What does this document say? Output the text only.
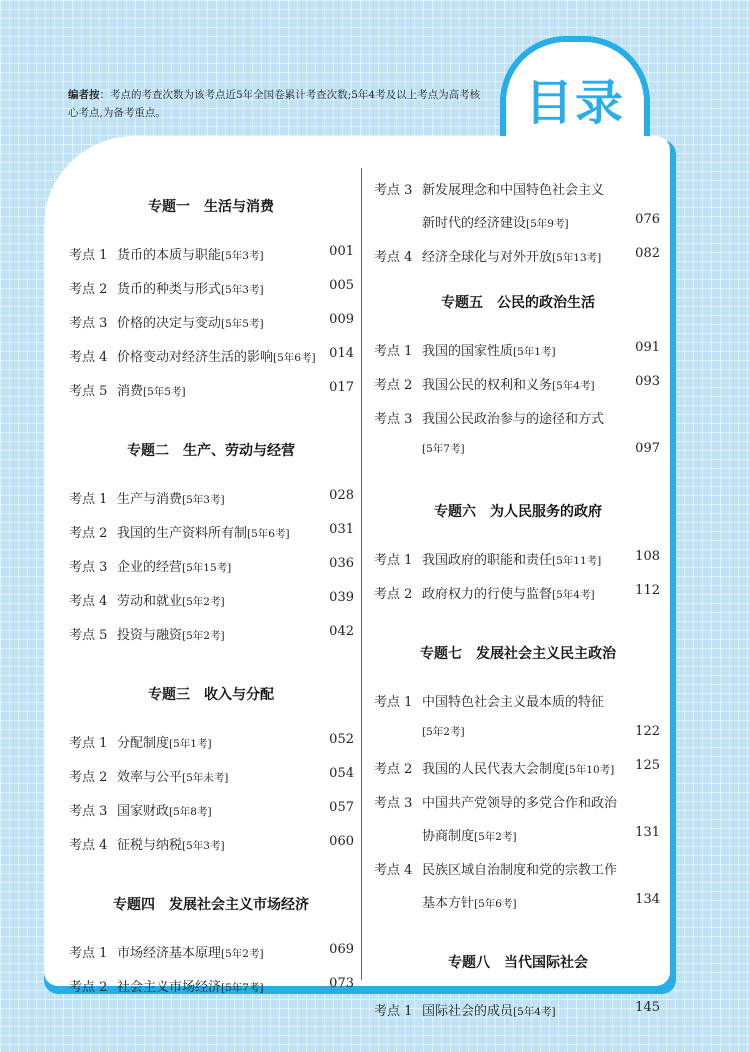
编者按：考点的考查次数为该考点近5年全国卷累计考查次数;5年4考及以上考点为高考核心考点,为备考重点。	目录
专题一　生活与消费
考点 1 货币的本质与职能[5年3考]	001
考点 2 货币的种类与形式[5年3考]	005
考点 3 价格的决定与变动[5年5考]	009
考点 4 价格变动对经济生活的影响[5年6考] 014
考点 5 消费[5年5考]	017
专题二　生产、劳动与经营
考点 1 生产与消费[5年3考]	028
考点 2 我国的生产资料所有制[5年6考]	031
考点 3 企业的经营[5年15考]	036
考点 4 劳动和就业[5年2考]	039
考点 5 投资与融资[5年2考]	042
专题三　收入与分配
考点 1 分配制度[5年1考]	052
考点 2 效率与公平[5年未考]	054
考点 3 国家财政[5年8考]	057
考点 4 征税与纳税[5年3考]	060
专题四　发展社会主义市场经济
考点 1 市场经济基本原理[5年2考]	069
考点 2 社会主义市场经济[5年7考]	073
考点 3 新发展理念和中国特色社会主义
新时代的经济建设[5年9考]	076
考点 4 经济全球化与对外开放[5年13考]	082
专题五　公民的政治生活
考点 1 我国的国家性质[5年1考]	091
考点 2 我国公民的权利和义务[5年4考]	093
考点 3 我国公民政治参与的途径和方式
[5年7考]	097
专题六　为人民服务的政府
考点 1 我国政府的职能和责任[5年11考]	108
考点 2 政府权力的行使与监督[5年4考]	112
专题七　发展社会主义民主政治
考点 1 中国特色社会主义最本质的特征
[5年2考]	122
考点 2 我国的人民代表大会制度[5年10考] 125
考点 3 中国共产党领导的多党合作和政治
协商制度[5年2考]	131
考点 4 民族区域自治制度和党的宗教工作
基本方针[5年6考]	134
专题八　当代国际社会
考点 1 国际社会的成员[5年4考]	145
